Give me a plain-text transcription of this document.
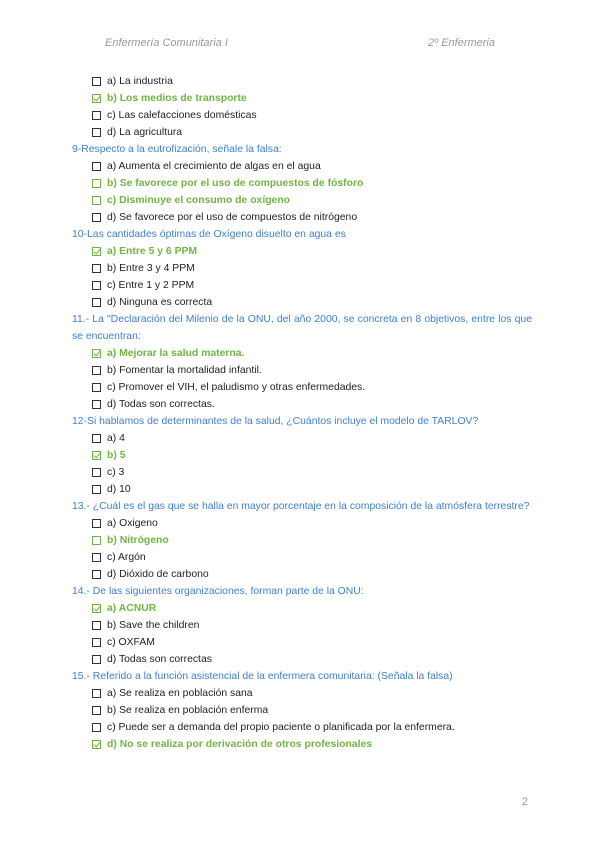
Enfermería Comunitaria I	2º Enfermeria
a) La industria
b) Los medios de transporte
c) Las calefacciones domésticas
d) La agricultura
9-Respecto a la eutrofización, señale la falsa:
a) Aumenta el crecimiento de algas en el agua
b) Se favorece por el uso de compuestos de fósforo
c) Disminuye el consumo de oxígeno
d) Se favorece por el uso de compuestos de nitrógeno
10-Las cantidades óptimas de Oxígeno disuelto en agua es
a) Entre 5 y 6 PPM
b) Entre 3 y 4 PPM
c) Entre 1 y 2 PPM
d) Ninguna es correcta
11.- La "Declaración del Milenio de la ONU, del año 2000, se concreta en 8 objetivos, entre los que se encuentran:
a) Mejorar la salud materna.
b) Fomentar la mortalidad infantil.
c) Promover el VIH, el paludismo y otras enfermedades.
d) Todas son correctas.
12-Si hablamos de determinantes de la salud, ¿Cuántos incluye el modelo de TARLOV?
a) 4
b) 5
c) 3
d) 10
13.- ¿Cuál es el gas que se halla en mayor porcentaje en la composición de la atmósfera terrestre?
a) Oxigeno
b) Nitrógeno
c) Argón
d) Dióxido de carbono
14.- De las siguientes organizaciones, forman parte de la ONU:
a) ACNUR
b) Save the children
c) OXFAM
d) Todas son correctas
15.- Referido a la función asistencial de la enfermera comunitaria: (Señala la falsa)
a) Se realiza en población sana
b) Se realiza en población enferma
c) Puede ser a demanda del propio paciente o planificada por la enfermera.
d) No se realiza por derivación de otros profesionales
2
